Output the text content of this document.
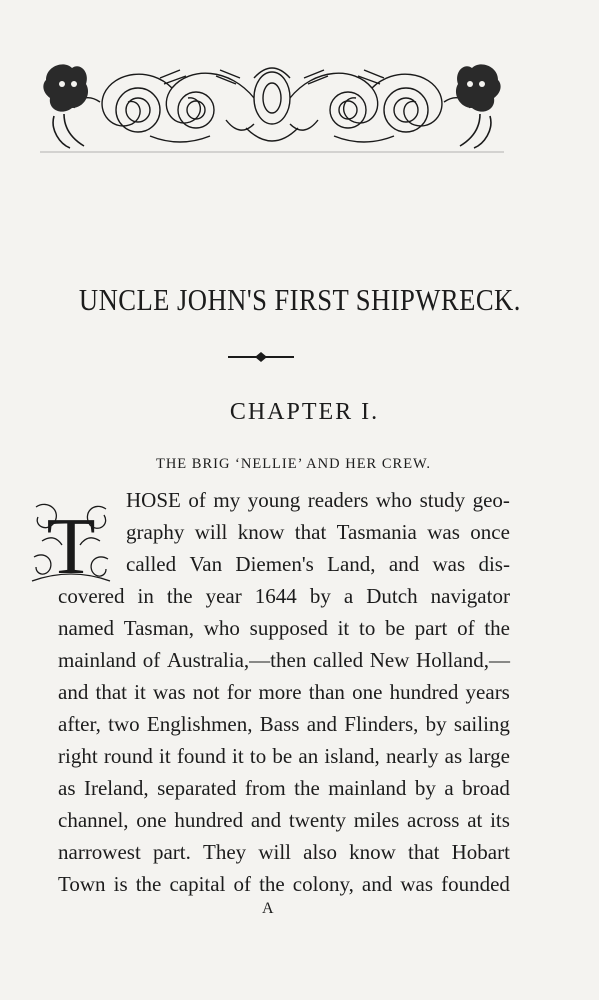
UNCLE JOHN'S FIRST SHIPWRECK.
CHAPTER I.
THE BRIG ‘NELLIE’ AND HER CREW.
T
HOSE of my young readers who study geo-
graphy will know that Tasmania was once
called Van Diemen's Land, and was dis-
covered in the year 1644 by a Dutch navigator
named Tasman, who supposed it to be part of the
mainland of Australia,—then called New Holland,—
and that it was not for more than one hundred years
after, two Englishmen, Bass and Flinders, by sailing
right round it found it to be an island, nearly as large
as Ireland, separated from the mainland by a broad
channel, one hundred and twenty miles across at its
narrowest part. They will also know that Hobart
Town is the capital of the colony, and was founded
A
